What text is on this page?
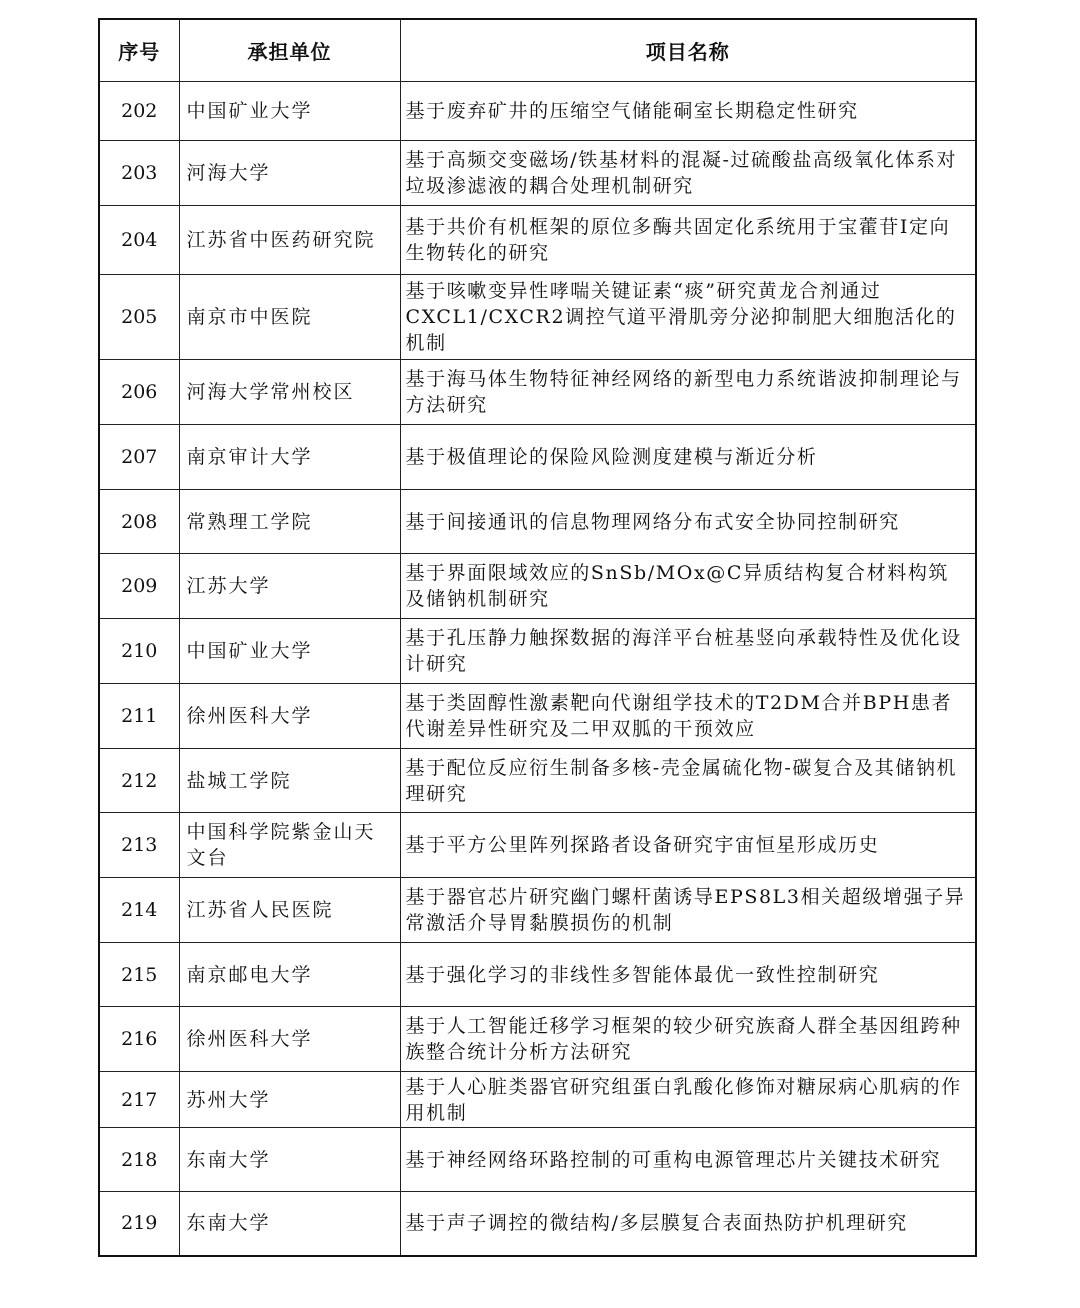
序号	承担单位	项目名称
202	中国矿业大学	基于废弃矿井的压缩空气储能硐室长期稳定性研究
203	河海大学	基于高频交变磁场/铁基材料的混凝-过硫酸盐高级氧化体系对垃圾渗滤液的耦合处理机制研究
204	江苏省中医药研究院	基于共价有机框架的原位多酶共固定化系统用于宝藿苷Ⅰ定向生物转化的研究
205	南京市中医院	基于咳嗽变异性哮喘关键证素“痰”研究黄龙合剂通过CXCL1/CXCR2调控气道平滑肌旁分泌抑制肥大细胞活化的机制
206	河海大学常州校区	基于海马体生物特征神经网络的新型电力系统谐波抑制理论与方法研究
207	南京审计大学	基于极值理论的保险风险测度建模与渐近分析
208	常熟理工学院	基于间接通讯的信息物理网络分布式安全协同控制研究
209	江苏大学	基于界面限域效应的SnSb/MOx@C异质结构复合材料构筑及储钠机制研究
210	中国矿业大学	基于孔压静力触探数据的海洋平台桩基竖向承载特性及优化设计研究
211	徐州医科大学	基于类固醇性激素靶向代谢组学技术的T2DM合并BPH患者代谢差异性研究及二甲双胍的干预效应
212	盐城工学院	基于配位反应衍生制备多核-壳金属硫化物-碳复合及其储钠机理研究
213	中国科学院紫金山天文台	基于平方公里阵列探路者设备研究宇宙恒星形成历史
214	江苏省人民医院	基于器官芯片研究幽门螺杆菌诱导EPS8L3相关超级增强子异常激活介导胃黏膜损伤的机制
215	南京邮电大学	基于强化学习的非线性多智能体最优一致性控制研究
216	徐州医科大学	基于人工智能迁移学习框架的较少研究族裔人群全基因组跨种族整合统计分析方法研究
217	苏州大学	基于人心脏类器官研究组蛋白乳酸化修饰对糖尿病心肌病的作用机制
218	东南大学	基于神经网络环路控制的可重构电源管理芯片关键技术研究
219	东南大学	基于声子调控的微结构/多层膜复合表面热防护机理研究
